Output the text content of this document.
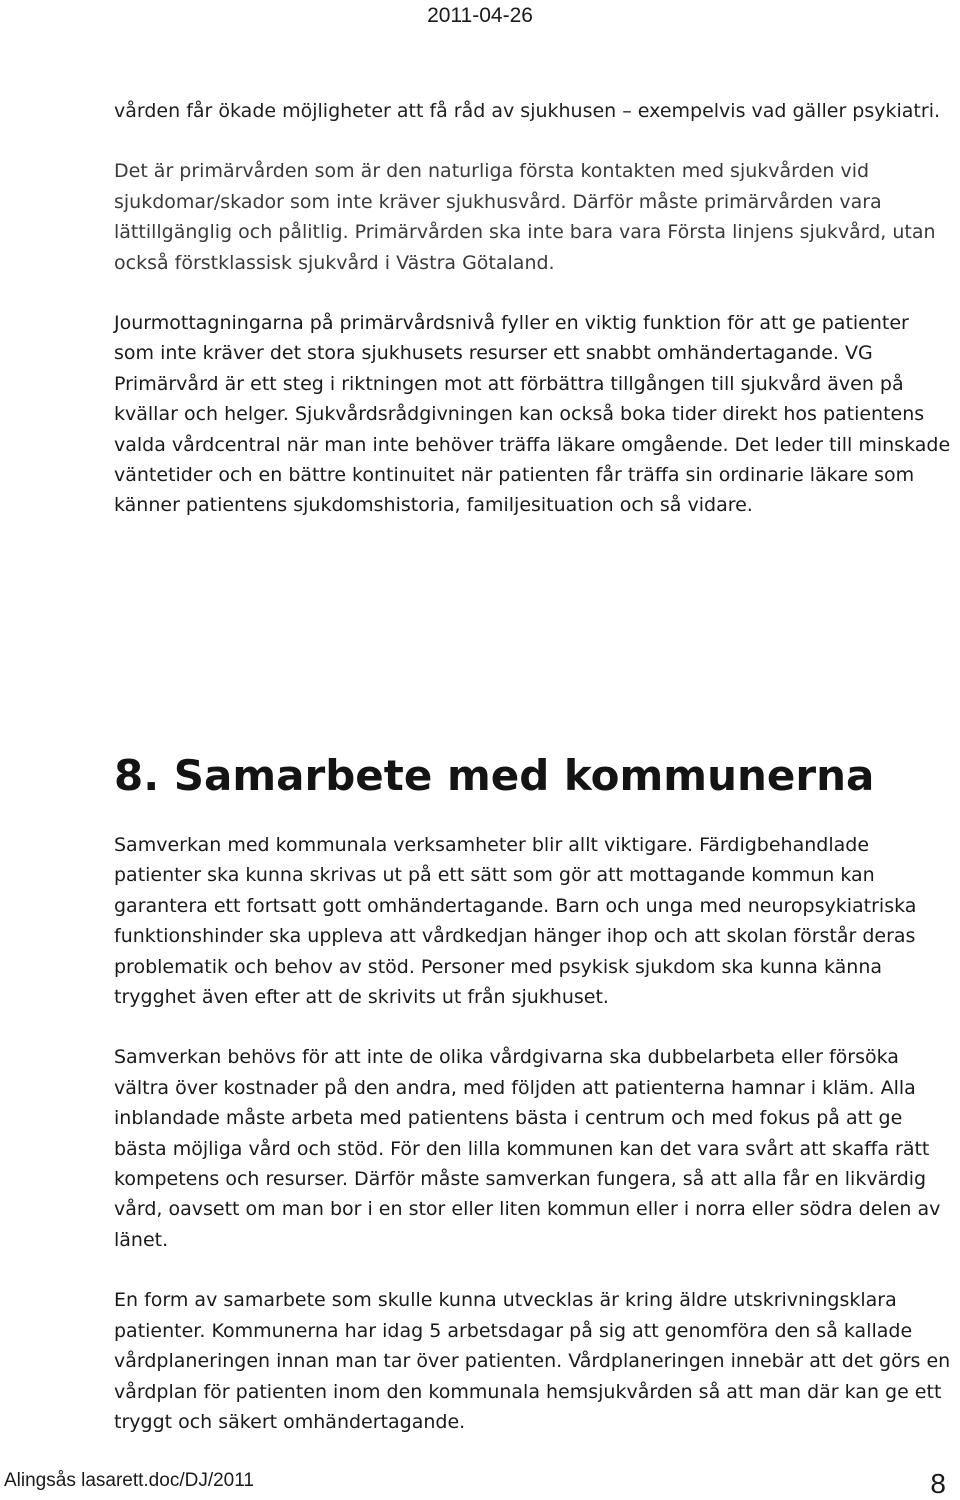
2011-04-26

vården får ökade möjligheter att få råd av sjukhusen – exempelvis vad gäller psykiatri.

Det är primärvården som är den naturliga första kontakten med sjukvården vid sjukdomar/skador som inte kräver sjukhusvård. Därför måste primärvården vara lättillgänglig och pålitlig. Primärvården ska inte bara vara Första linjens sjukvård, utan också förstklassisk sjukvård i Västra Götaland.

Jourmottagningarna på primärvårdsnivå fyller en viktig funktion för att ge patienter som inte kräver det stora sjukhusets resurser ett snabbt omhändertagande. VG Primärvård är ett steg i riktningen mot att förbättra tillgången till sjukvård även på kvällar och helger. Sjukvårdsrådgivningen kan också boka tider direkt hos patientens valda vårdcentral när man inte behöver träffa läkare omgående. Det leder till minskade väntetider och en bättre kontinuitet när patienten får träffa sin ordinarie läkare som känner patientens sjukdomshistoria, familjesituation och så vidare.

8. Samarbete med kommunerna

Samverkan med kommunala verksamheter blir allt viktigare. Färdigbehandlade patienter ska kunna skrivas ut på ett sätt som gör att mottagande kommun kan garantera ett fortsatt gott omhändertagande. Barn och unga med neuropsykiatriska funktionshinder ska uppleva att vårdkedjan hänger ihop och att skolan förstår deras problematik och behov av stöd. Personer med psykisk sjukdom ska kunna känna trygghet även efter att de skrivits ut från sjukhuset.

Samverkan behövs för att inte de olika vårdgivarna ska dubbelarbeta eller försöka vältra över kostnader på den andra, med följden att patienterna hamnar i kläm. Alla inblandade måste arbeta med patientens bästa i centrum och med fokus på att ge bästa möjliga vård och stöd. För den lilla kommunen kan det vara svårt att skaffa rätt kompetens och resurser. Därför måste samverkan fungera, så att alla får en likvärdig vård, oavsett om man bor i en stor eller liten kommun eller i norra eller södra delen av länet.

En form av samarbete som skulle kunna utvecklas är kring äldre utskrivningsklara patienter. Kommunerna har idag 5 arbetsdagar på sig att genomföra den så kallade vårdplaneringen innan man tar över patienten. Vårdplaneringen innebär att det görs en vårdplan för patienten inom den kommunala hemsjukvården så att man där kan ge ett tryggt och säkert omhändertagande.

Alingsås lasarett.doc/DJ/2011	8
